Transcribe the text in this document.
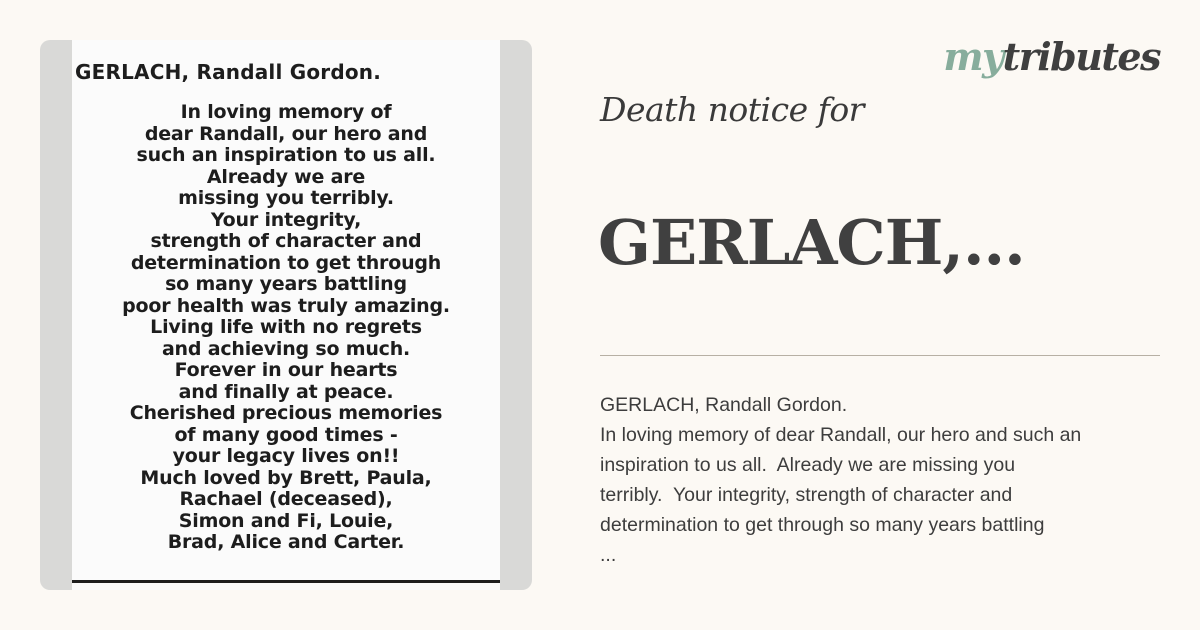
GERLACH, Randall Gordon.

In loving memory of
dear Randall, our hero and
such an inspiration to us all.
Already we are
missing you terribly.
Your integrity,
strength of character and
determination to get through
so many years battling
poor health was truly amazing.
Living life with no regrets
and achieving so much.
Forever in our hearts
and finally at peace.
Cherished precious memories
of many good times -
your legacy lives on!!
Much loved by Brett, Paula,
Rachael (deceased),
Simon and Fi, Louie,
Brad, Alice and Carter.
mytributes
Death notice for
GERLACH,...
GERLACH, Randall Gordon.
In loving memory of dear Randall, our hero and such an
inspiration to us all.  Already we are missing you
terribly.  Your integrity, strength of character and
determination to get through so many years battling
...
